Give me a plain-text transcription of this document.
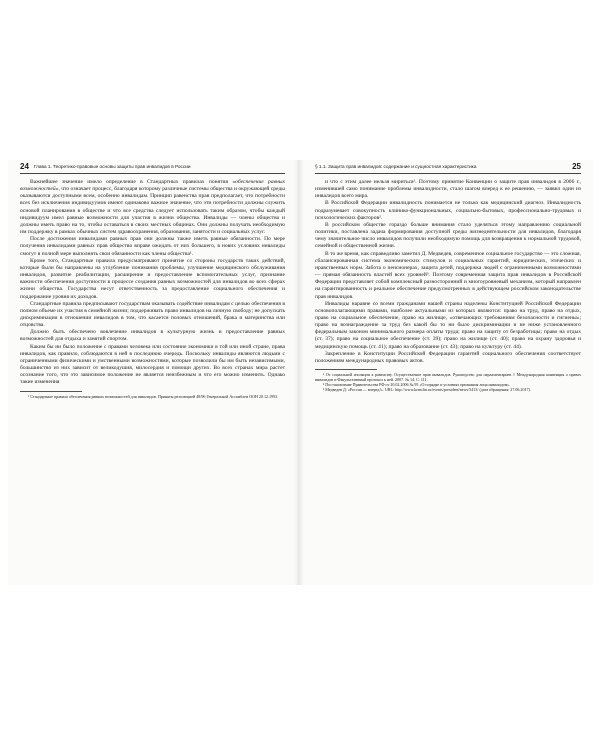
24 Глава 1. Теоретико-правовые основы защиты прав инвалидов в России

Важнейшее значение имело определение в Стандартных правилах понятия «обеспечение равных возможностей», что означает процесс, благодаря которому различные системы общества и окружающей среды оказываются доступными всем, особенно инвалидам. Принцип равенства прав предполагает, что потребности всех без исключения индивидуумов имеют одинаково важное значение, что эти потребности должны служить основой планирования в обществе и что все средства следует использовать таким образом, чтобы каждый индивидуум имел равные возможности для участия в жизни общества. Инвалиды — члены общества и должны иметь право на то, чтобы оставаться в своих местных общинах. Они должны получать необходимую им поддержку в рамках обычных систем здравоохранения, образования, занятости и социальных услуг.

После достижения инвалидами равных прав они должны также иметь равные обязанности. По мере получения инвалидами равных прав общество вправе ожидать от них большего, в нових условиях инвалиды смогут в полной мере выполнять свои обязанности как члены общества¹.

Кроме того, Стандартные правила предусматривают принятие со стороны государств таких действий, которые были бы направлены на углубление понимания проблемы, улучшение медицинского обслуживания инвалидов, развитие реабилитации, расширение и предоставление вспомогательных услуг, признание важности обеспечения доступности в процессе создания равных возможностей для инвалидов во всех сферах жизни общества. Государства несут ответственность за предоставление социального обеспечения и поддержание уровня их доходов.

Стандартные правила предписывают государствам оказывать содействие инвалидам с целью обеспечения в полном объеме их участия в семейной жизни; поддерживать право инвалидов на личную свободу; не допускать дискриминации в отношении инвалидов в том, что касается половых отношений, брака и материнства или отцовства.

Должно быть обеспечено вовлечение инвалидов в культурную жизнь и предоставление равных возможностей для отдыха и занятий спортом.

Каким бы ни было положение с правами человека или состояние экономики в той или иной стране, права инвалидов, как правило, соблюдаются в ней в последнюю очередь. Поскольку инвалиды являются людьми с ограниченными физическими и умственными возможностями, которые позволили бы им быть независимыми, большинство из них зависит от великодушия, милосердия и помощи других. Во всех странах мира растет осознание того, что это зависимое положение не является неизбежным и что его можно изменить. Однако такие изменения

¹ Стандартные правила обеспечения равных возможностей для инвалидов. Приняты резолюцией 48/96 Генеральной Ассамблеи ООН 20.12.1993.

§ 1.1. Защита прав инвалидов: содержание и сущностная характеристика	25

и что с этим далее нельзя мириться¹. Поэтому принятие Конвенции о защите прав инвалидов в 2006 г., изменившей само понимание проблемы инвалидности, стало шагом вперед к ее решению, — заявил один из инвалидов всего мира.

В Российской Федерации инвалидность понимается не только как медицинский диагноз. Инвалидность подразумевает совокупность клинико-функциональных, социально-бытовых, профессионально-трудовых и психологических факторов².

В российском обществе гораздо больше внимания стало уделяться этому направлению социальной политики, поставлена задача формирования доступной среды жизнедеятельности для инвалидов, благодаря чему значительное число инвалидов получили необходимую помощь для возвращения к нормальной трудовой, семейной и общественной жизни.

В то же время, как справедливо заметил Д. Медведев, современное социальное государство — это сложная, сбалансированная система экономических стимулов и социальных гарантий, юридических, этических и нравственных норм. Забота о пенсионерах, защита детей, поддержка людей с ограниченными возможностями — прямая обязанность властей всех уровней³. Поэтому современная защита прав инвалидов в Российской Федерации представляет собой комплексный разносторонний и многоуровневый механизм, который направлен на гарантированность и реальное обеспечение предусмотренных в действующем российском законодательстве прав инвалидов.

Инвалиды наравне со всеми гражданами нашей страны наделены Конституцией Российской Федерации основополагающими правами, наиболее актуальными из которых являются: право на труд, право на отдых, право на социальное обеспечение, право на жилище, «отвечающих требованиям безопасности и гигиены»; право на вознаграждение за труд без какой бы то ни было дискриминации и не ниже установленного федеральным законом минимального размера оплаты труда; право на защиту от безработицы; право на отдых (ст. 37); право на социальное обеспечение (ст. 39); право на жилище (ст. 40); право на охрану здоровья и медицинскую помощь (ст. 41); право на образование (ст. 43); право на культуру (ст. 44).

Закрепление в Конституции Российской Федерации гарантий социального обеспечения соответствует положениям международных правовых актов.

¹ От социальной изоляции к равенству. Осуществление прав инвалидов. Руководство для парламентариев // Международная конвенция о правах инвалидов и Факультативный протокол к ней. 2007. № 14. С. 111.

² Постановление Правительства РФ от 20.02.2006 № 95 «О порядке и условиях признания лица инвалидом».

³ Медведев Д. «Россия — вперед!». URL: http://www.kremlin.ru/events/president/news/5413/ (дата обращения: 27.06.2017).
